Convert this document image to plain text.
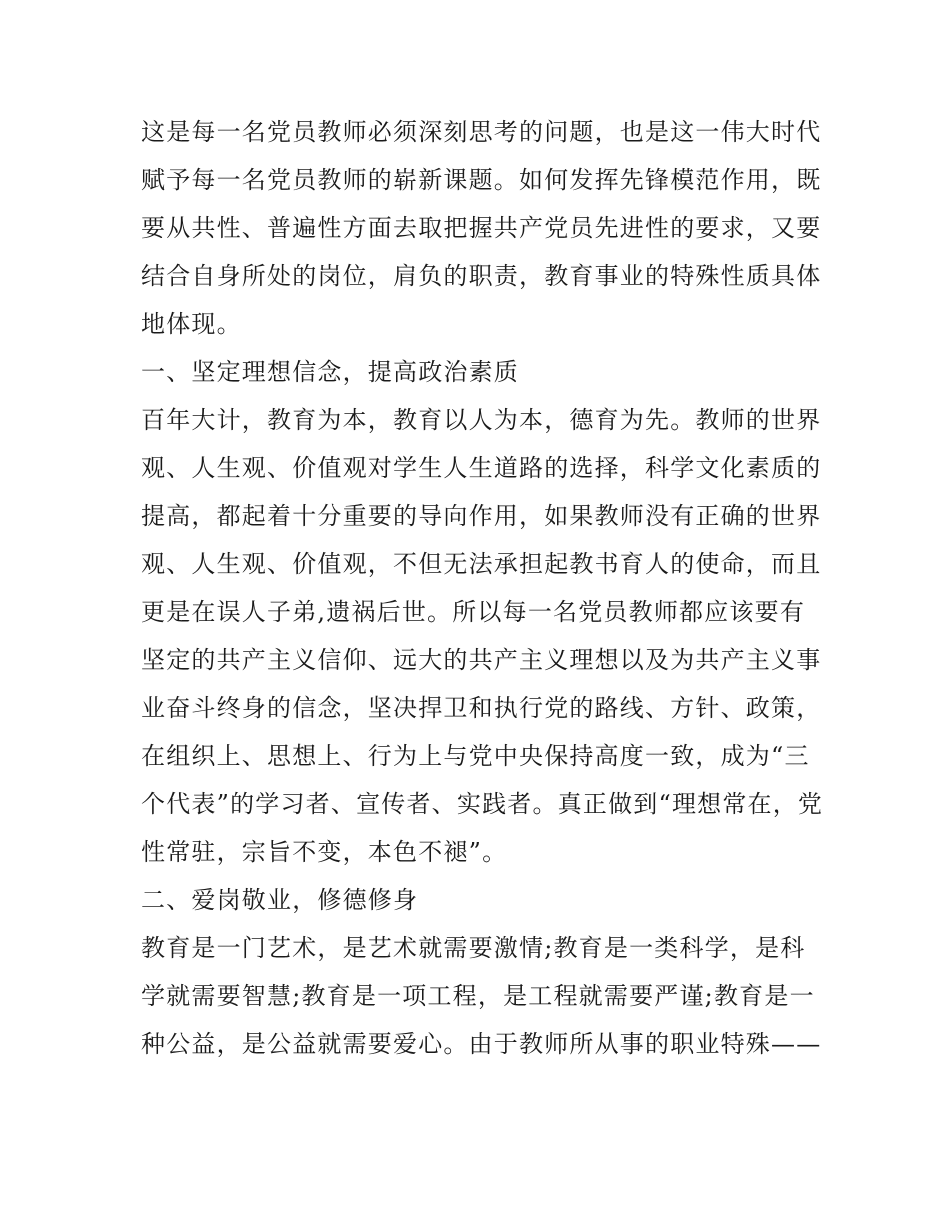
这是每一名党员教师必须深刻思考的问题，也是这一伟大时代
赋予每一名党员教师的崭新课题。如何发挥先锋模范作用，既
要从共性、普遍性方面去取把握共产党员先进性的要求，又要
结合自身所处的岗位，肩负的职责，教育事业的特殊性质具体
地体现。
一、坚定理想信念，提高政治素质
百年大计，教育为本，教育以人为本，德育为先。教师的世界
观、人生观、价值观对学生人生道路的选择，科学文化素质的
提高，都起着十分重要的导向作用，如果教师没有正确的世界
观、人生观、价值观，不但无法承担起教书育人的使命，而且
更是在误人子弟,遗祸后世。所以每一名党员教师都应该要有
坚定的共产主义信仰、远大的共产主义理想以及为共产主义事
业奋斗终身的信念，坚决捍卫和执行党的路线、方针、政策，
在组织上、思想上、行为上与党中央保持高度一致，成为“三
个代表”的学习者、宣传者、实践者。真正做到“理想常在，党
性常驻，宗旨不变，本色不褪”。
二、爱岗敬业，修德修身
教育是一门艺术，是艺术就需要激情;教育是一类科学，是科
学就需要智慧;教育是一项工程，是工程就需要严谨;教育是一
种公益，是公益就需要爱心。由于教师所从事的职业特殊——
